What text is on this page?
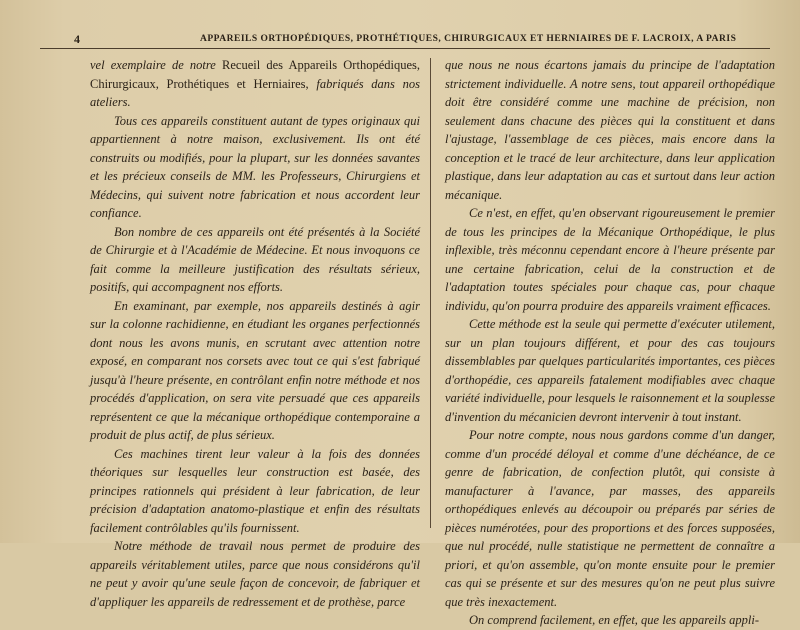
4	APPAREILS ORTHOPÉDIQUES, PROTHÉTIQUES, CHIRURGICAUX ET HERNIAIRES DE F. LACROIX, A PARIS

vel exemplaire de notre Recueil des Appareils Orthopédiques, Chirurgicaux, Prothétiques et Herniaires, fabriqués dans nos ateliers.

Tous ces appareils constituent autant de types originaux qui appartiennent à notre maison, exclusivement. Ils ont été construits ou modifiés, pour la plupart, sur les données savantes et les précieux conseils de MM. les Professeurs, Chirurgiens et Médecins, qui suivent notre fabrication et nous accordent leur confiance.

Bon nombre de ces appareils ont été présentés à la Société de Chirurgie et à l'Académie de Médecine. Et nous invoquons ce fait comme la meilleure justification des résultats sérieux, positifs, qui accompagnent nos efforts.

En examinant, par exemple, nos appareils destinés à agir sur la colonne rachidienne, en étudiant les organes perfectionnés dont nous les avons munis, en scrutant avec attention notre exposé, en comparant nos corsets avec tout ce qui s'est fabriqué jusqu'à l'heure présente, en contrôlant enfin notre méthode et nos procédés d'application, on sera vite persuadé que ces appareils représentent ce que la mécanique orthopédique contemporaine a produit de plus actif, de plus sérieux.

Ces machines tirent leur valeur à la fois des données théoriques sur lesquelles leur construction est basée, des principes rationnels qui président à leur fabrication, de leur précision d'adaptation anatomo-plastique et enfin des résultats facilement contrôlables qu'ils fournissent.

Notre méthode de travail nous permet de produire des appareils véritablement utiles, parce que nous considérons qu'il ne peut y avoir qu'une seule façon de concevoir, de fabriquer et d'appliquer les appareils de redressement et de prothèse, parce

que nous ne nous écartons jamais du principe de l'adaptation strictement individuelle. A notre sens, tout appareil orthopédique doit être considéré comme une machine de précision, non seulement dans chacune des pièces qui la constituent et dans l'ajustage, l'assemblage de ces pièces, mais encore dans la conception et le tracé de leur architecture, dans leur application plastique, dans leur adaptation au cas et surtout dans leur action mécanique.

Ce n'est, en effet, qu'en observant rigoureusement le premier de tous les principes de la Mécanique Orthopédique, le plus inflexible, très méconnu cependant encore à l'heure présente par une certaine fabrication, celui de la construction et de l'adaptation toutes spéciales pour chaque cas, pour chaque individu, qu'on pourra produire des appareils vraiment efficaces.

Cette méthode est la seule qui permette d'exécuter utilement, sur un plan toujours différent, et pour des cas toujours dissemblables par quelques particularités importantes, ces pièces d'orthopédie, ces appareils fatalement modifiables avec chaque variété individuelle, pour lesquels le raisonnement et la souplesse d'invention du mécanicien devront intervenir à tout instant.

Pour notre compte, nous nous gardons comme d'un danger, comme d'un procédé déloyal et comme d'une déchéance, de ce genre de fabrication, de confection plutôt, qui consiste à manufacturer à l'avance, par masses, des appareils orthopédiques enlevés au découpoir ou préparés par séries de pièces numérotées, pour des proportions et des forces supposées, que nul procédé, nulle statistique ne permettent de connaître a priori, et qu'on assemble, qu'on monte ensuite pour le premier cas qui se présente et sur des mesures qu'on ne peut plus suivre que très inexactement.

On comprend facilement, en effet, que les appareils appli-
